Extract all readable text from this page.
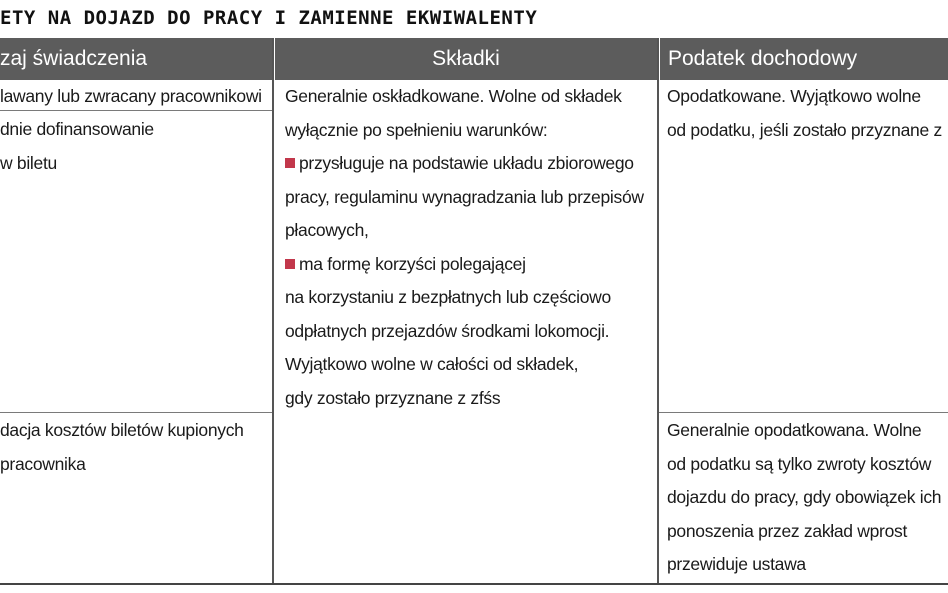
ETY NA DOJAZD DO PRACY I ZAMIENNE EKWIWALENTY
zaj świadczenia	Składki	Podatek dochodowy
lawany lub zwracany pracownikowi
dnie dofinansowanie
w biletu
dacja kosztów biletów kupionych
pracownika
Generalnie oskładkowane. Wolne od składek
wyłącznie po spełnieniu warunków:
przysługuje na podstawie układu zbiorowego
pracy, regulaminu wynagradzania lub przepisów
płacowych,
ma formę korzyści polegającej
na korzystaniu z bezpłatnych lub częściowo
odpłatnych przejazdów środkami lokomocji.
Wyjątkowo wolne w całości od składek,
gdy zostało przyznane z zfśs
Opodatkowane. Wyjątkowo wolne
od podatku, jeśli zostało przyznane z
Generalnie opodatkowana. Wolne
od podatku są tylko zwroty kosztów
dojazdu do pracy, gdy obowiązek ich
ponoszenia przez zakład wprost
przewiduje ustawa
